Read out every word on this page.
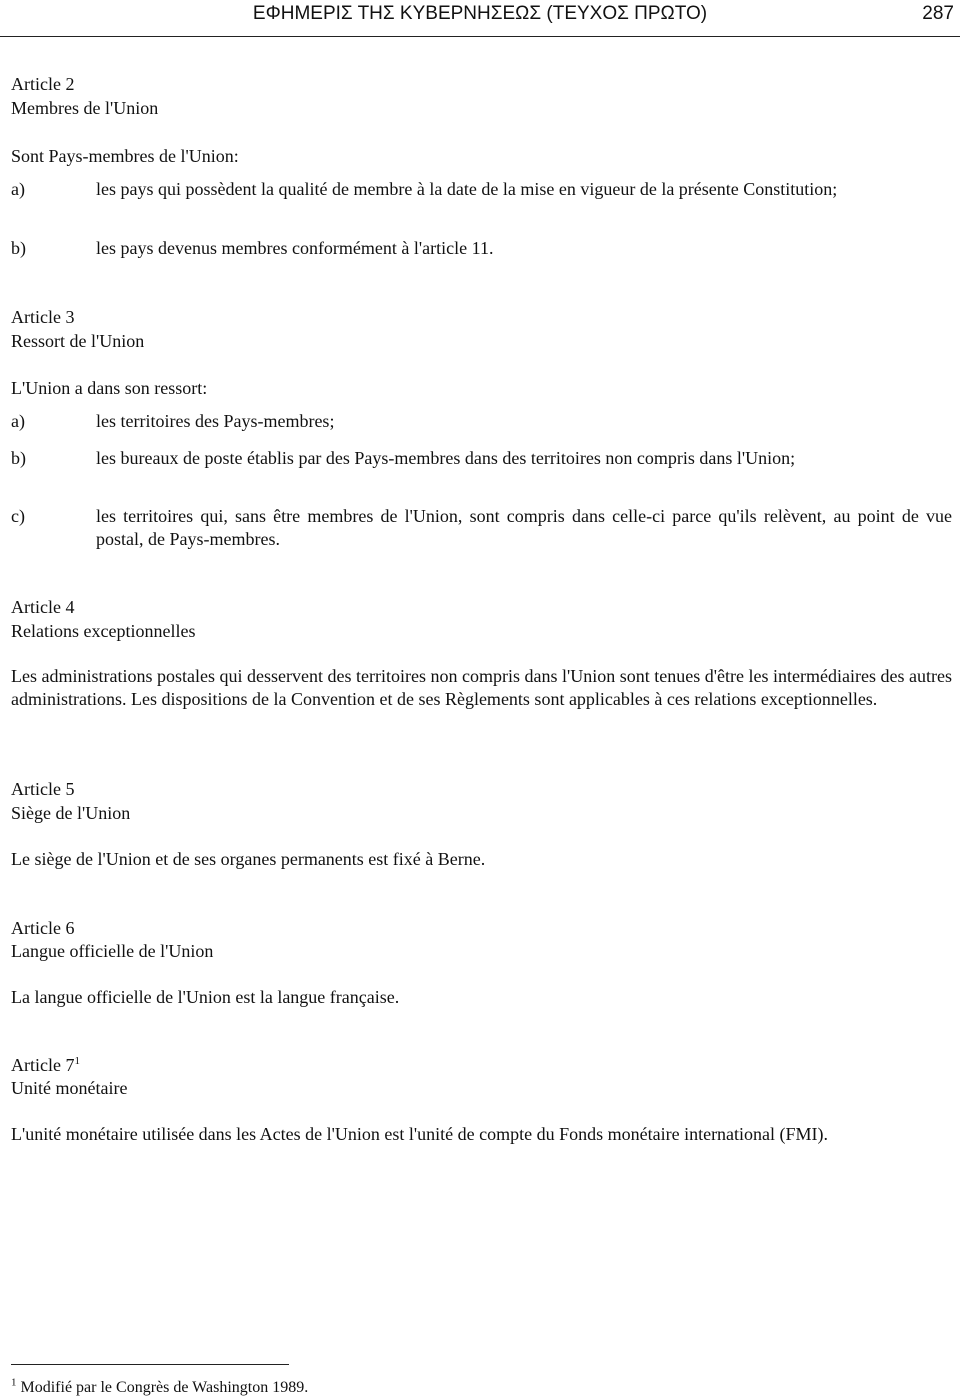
ΕΦΗΜΕΡΙΣ ΤΗΣ ΚΥΒΕΡΝΗΣΕΩΣ (ΤΕΥΧΟΣ ΠΡΩΤΟ)	287
Article 2
Membres de l'Union
Sont Pays-membres de l'Union:
a)	les pays qui possèdent la qualité de membre à la date de la mise en vigueur de la présente Constitution;
b)	les pays devenus membres conformément à l'article 11.
Article 3
Ressort de l'Union
L'Union a dans son ressort:
a)	les territoires des Pays-membres;
b)	les bureaux de poste établis par des Pays-membres dans des territoires non compris dans l'Union;
c)	les territoires qui, sans être membres de l'Union, sont compris dans celle-ci parce qu'ils relèvent, au point de vue postal, de Pays-membres.
Article 4
Relations exceptionnelles
Les administrations postales qui desservent des territoires non compris dans l'Union sont tenues d'être les intermédiaires des autres administrations. Les dispositions de la Convention et de ses Règlements sont applicables à ces relations exceptionnelles.
Article 5
Siège de l'Union
Le siège de l'Union et de ses organes permanents est fixé à Berne.
Article 6
Langue officielle de l'Union
La langue officielle de l'Union est la langue française.
Article $7^1$
Unité monétaire
L'unité monétaire utilisée dans les Actes de l'Union est l'unité de compte du Fonds monétaire international (FMI).
$^1$ Modifié par le Congrès de Washington 1989.
